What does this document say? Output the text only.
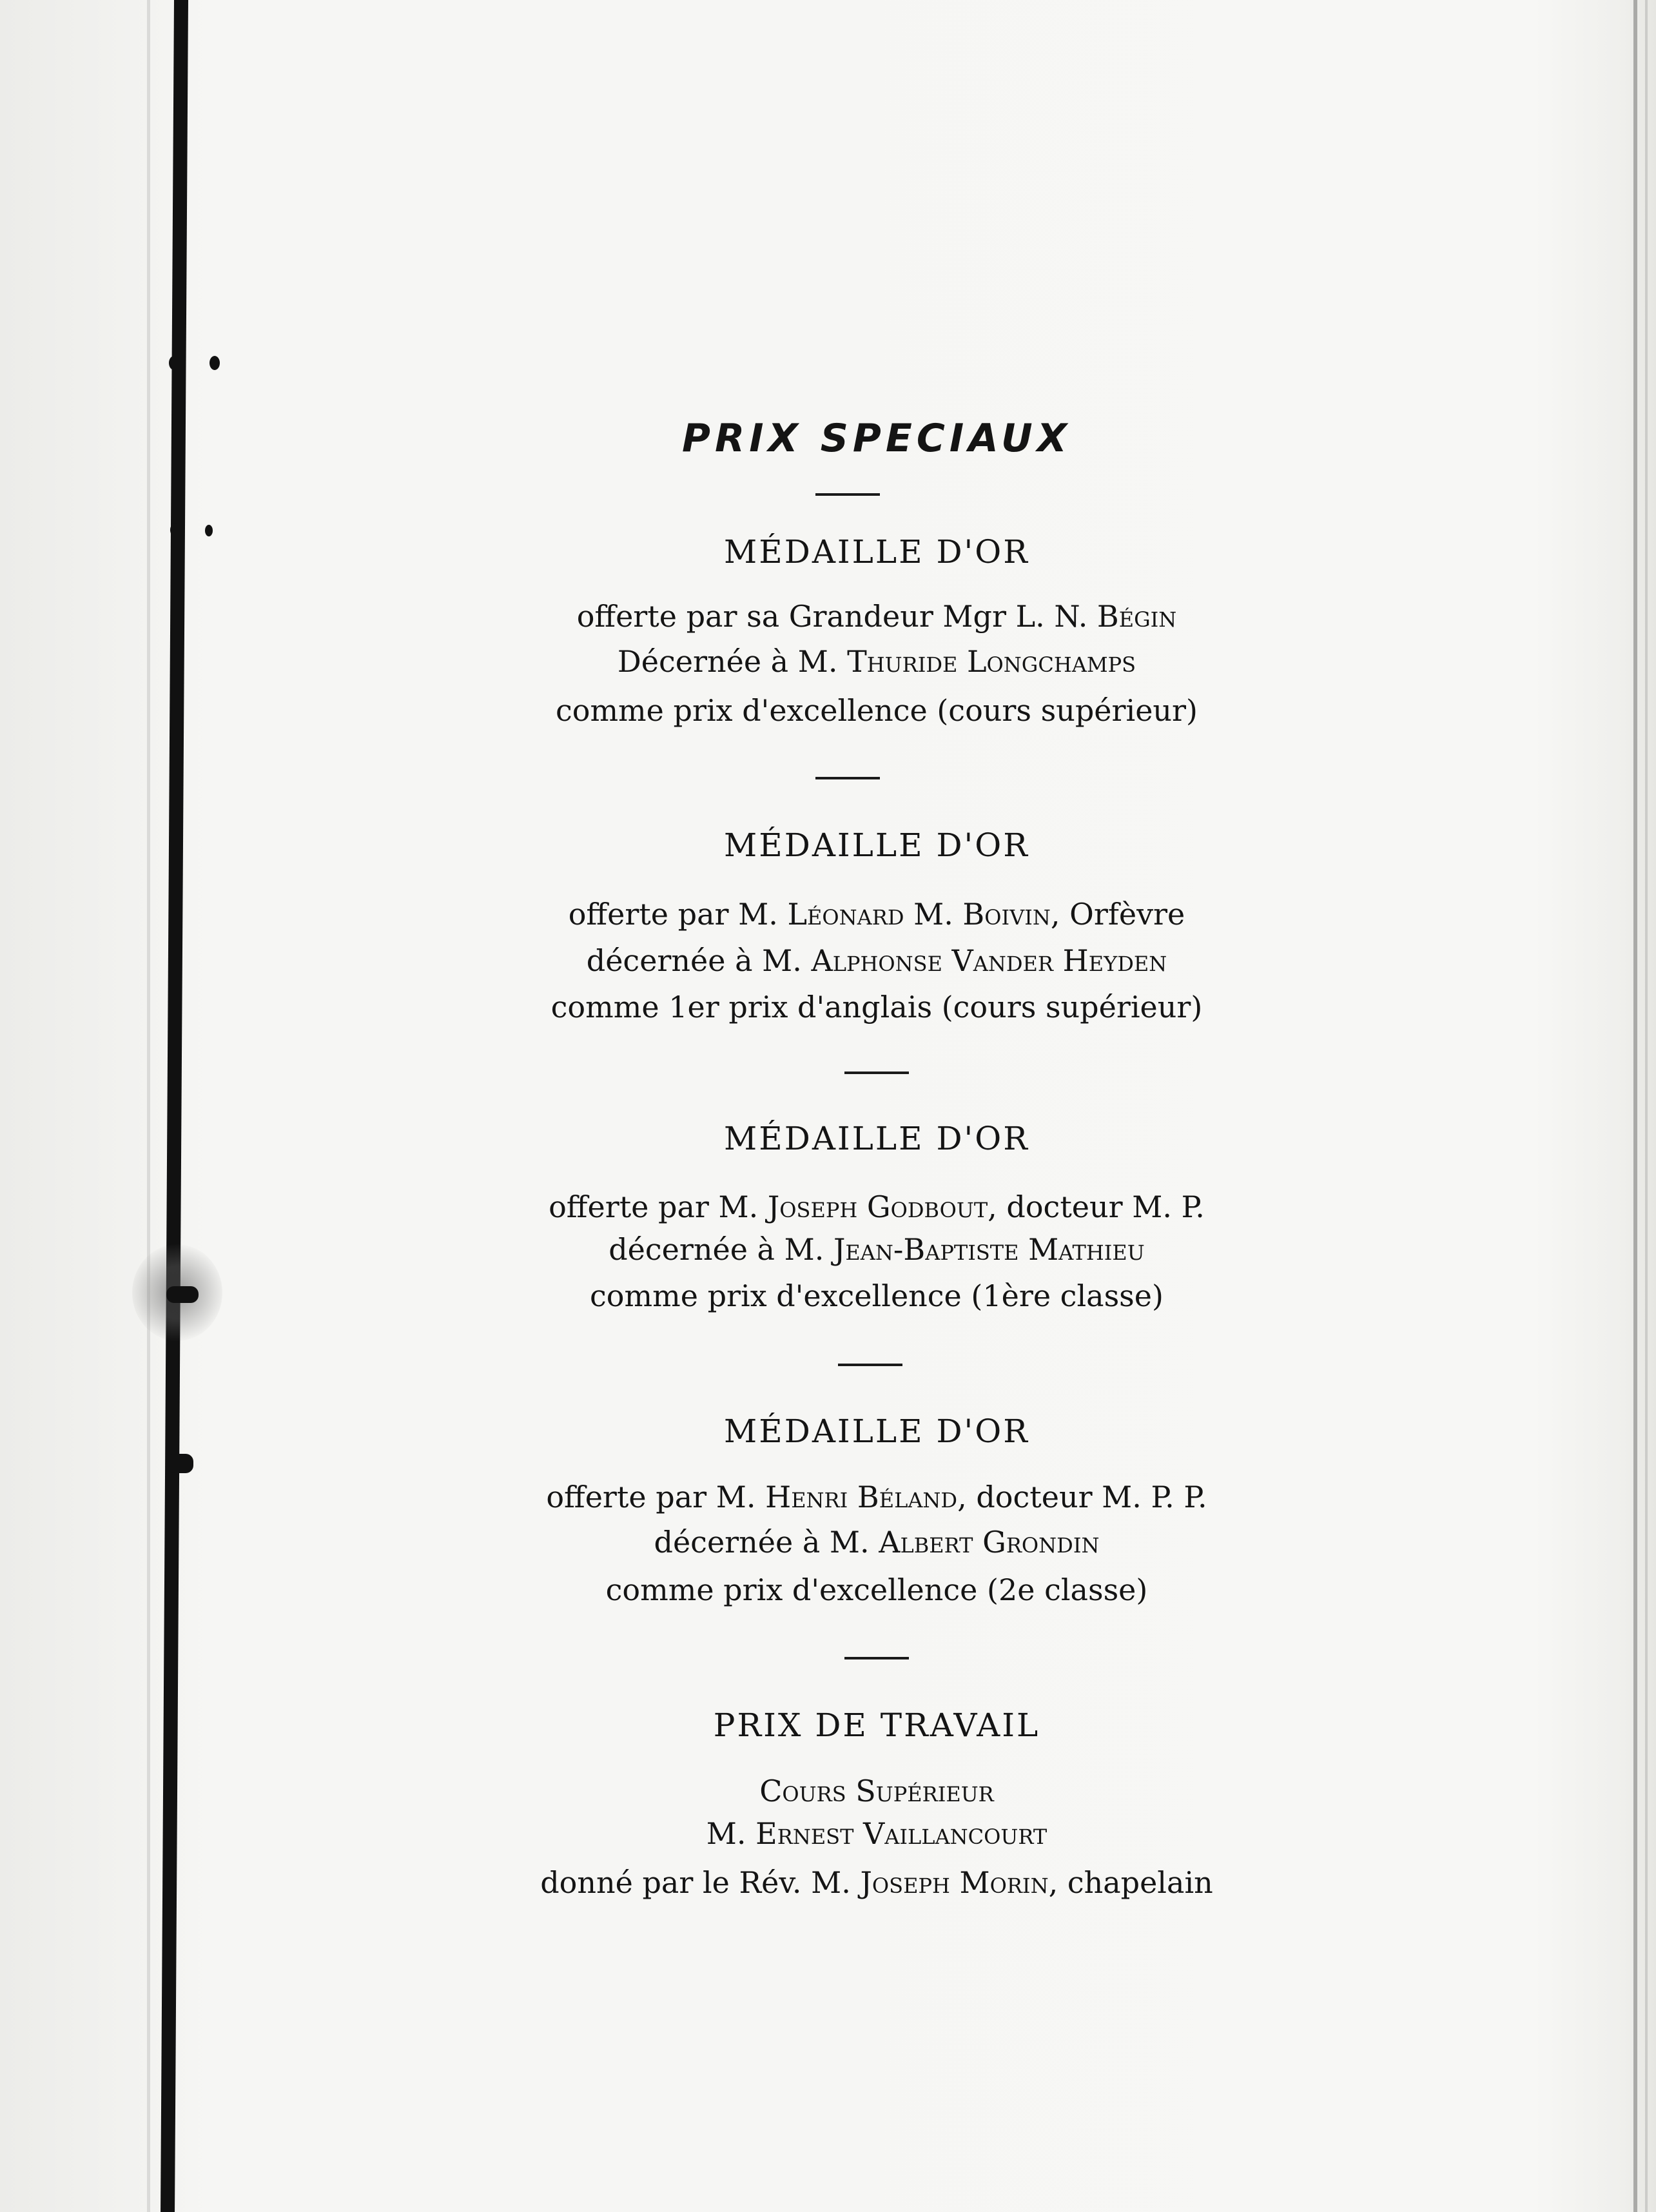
PRIX SPECIAUX
MÉDAILLE D'OR
offerte par sa Grandeur Mgr L. N. Bégin
Décernée à M. Thuride Longchamps
comme prix d'excellence (cours supérieur)
MÉDAILLE D'OR
offerte par M. Léonard M. Boivin, Orfèvre
décernée à M. Alphonse Vander Heyden
comme 1er prix d'anglais (cours supérieur)
MÉDAILLE D'OR
offerte par M. Joseph Godbout, docteur M. P.
décernée à M. Jean-Baptiste Mathieu
comme prix d'excellence (1ère classe)
MÉDAILLE D'OR
offerte par M. Henri Béland, docteur M. P. P.
décernée à M. Albert Grondin
comme prix d'excellence (2e classe)
PRIX DE TRAVAIL
Cours Supérieur
M. Ernest Vaillancourt
donné par le Rév. M. Joseph Morin, chapelain
